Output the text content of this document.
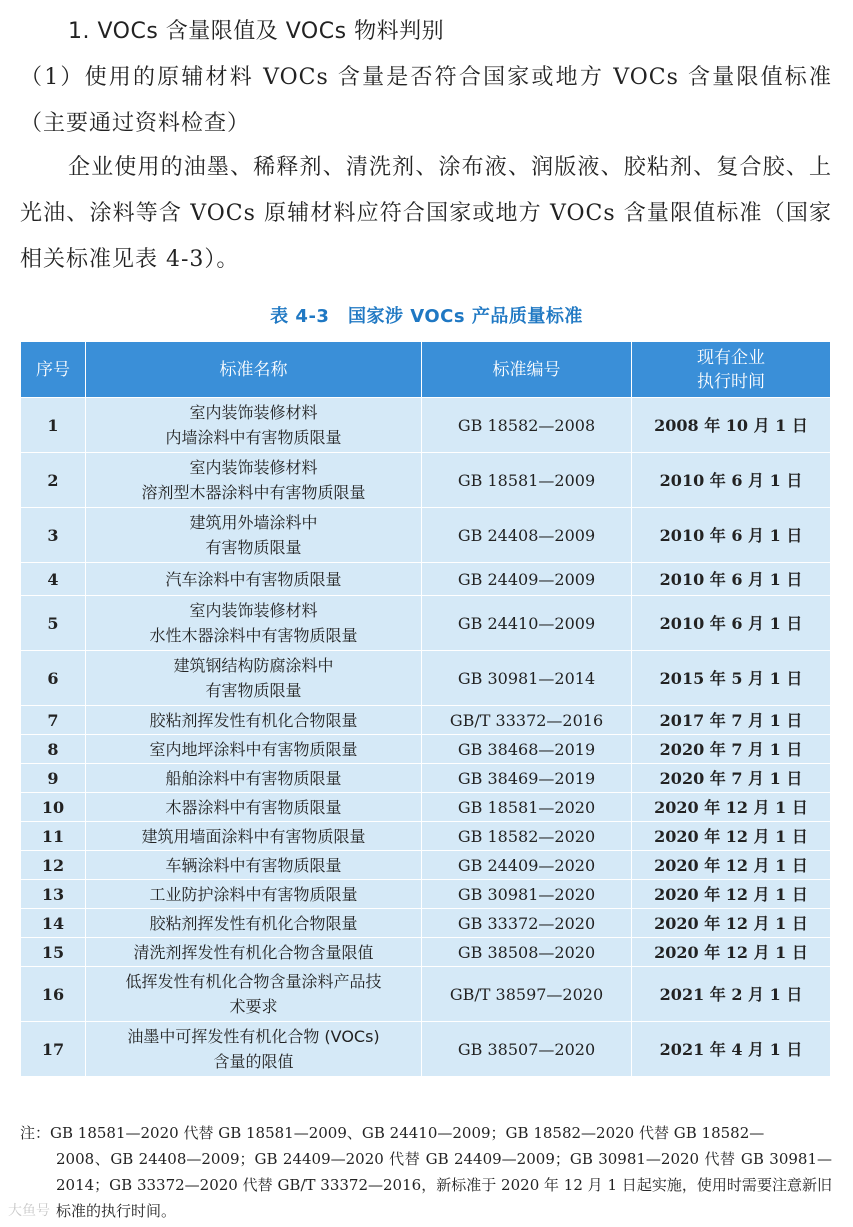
1. VOCs 含量限值及 VOCs 物料判别

（1）使用的原辅材料 VOCs 含量是否符合国家或地方 VOCs 含量限值标准（主要通过资料检查）

企业使用的油墨、稀释剂、清洗剂、涂布液、润版液、胶粘剂、复合胶、上光油、涂料等含 VOCs 原辅材料应符合国家或地方 VOCs 含量限值标准（国家相关标准见表 4-3）。

表 4-3　国家涉 VOCs 产品质量标准
序号	标准名称	标准编号	现有企业
执行时间
1	室内装饰装修材料
内墙涂料中有害物质限量	GB 18582—2008	2008 年 10 月 1 日
2	室内装饰装修材料
溶剂型木器涂料中有害物质限量	GB 18581—2009	2010 年 6 月 1 日
3	建筑用外墙涂料中
有害物质限量	GB 24408—2009	2010 年 6 月 1 日
4	汽车涂料中有害物质限量	GB 24409—2009	2010 年 6 月 1 日
5	室内装饰装修材料
水性木器涂料中有害物质限量	GB 24410—2009	2010 年 6 月 1 日
6	建筑钢结构防腐涂料中
有害物质限量	GB 30981—2014	2015 年 5 月 1 日
7	胶粘剂挥发性有机化合物限量	GB/T 33372—2016	2017 年 7 月 1 日
8	室内地坪涂料中有害物质限量	GB 38468—2019	2020 年 7 月 1 日
9	船舶涂料中有害物质限量	GB 38469—2019	2020 年 7 月 1 日
10	木器涂料中有害物质限量	GB 18581—2020	2020 年 12 月 1 日
11	建筑用墙面涂料中有害物质限量	GB 18582—2020	2020 年 12 月 1 日
12	车辆涂料中有害物质限量	GB 24409—2020	2020 年 12 月 1 日
13	工业防护涂料中有害物质限量	GB 30981—2020	2020 年 12 月 1 日
14	胶粘剂挥发性有机化合物限量	GB 33372—2020	2020 年 12 月 1 日
15	清洗剂挥发性有机化合物含量限值	GB 38508—2020	2020 年 12 月 1 日
16	低挥发性有机化合物含量涂料产品技
术要求	GB/T 38597—2020	2021 年 2 月 1 日
17	油墨中可挥发性有机化合物 (VOCs)
含量的限值	GB 38507—2020	2021 年 4 月 1 日

注：GB 18581—2020 代替 GB 18581—2009、GB 24410—2009；GB 18582—2020 代替 GB 18582—
2008、GB 24408—2009；GB 24409—2020 代替 GB 24409—2009；GB 30981—2020 代替 GB 30981—2014；GB 33372—2020 代替 GB/T 33372—2016，新标准于 2020 年 12 月 1 日起实施，使用时需要注意新旧标准的执行时间。

大鱼号
